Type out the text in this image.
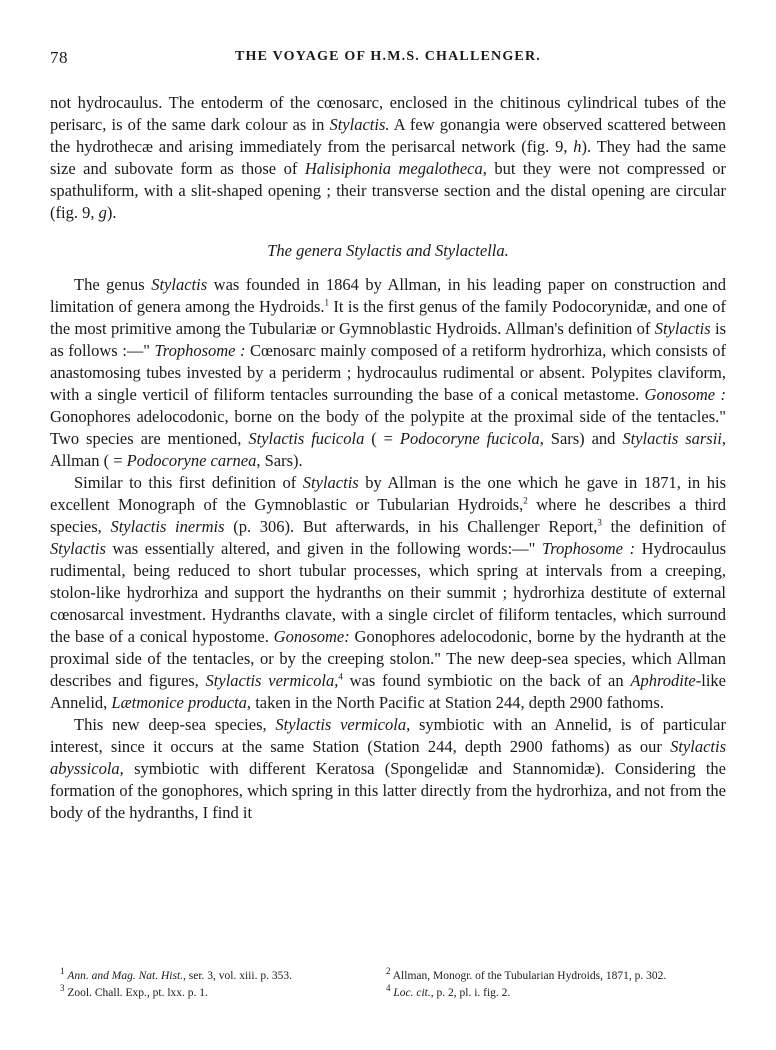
78	THE VOYAGE OF H.M.S. CHALLENGER.

not hydrocaulus. The entoderm of the cœnosarc, enclosed in the chitinous cylindrical tubes of the perisarc, is of the same dark colour as in Stylactis. A few gonangia were observed scattered between the hydrothecæ and arising immediately from the perisarcal network (fig. 9, h). They had the same size and subovate form as those of Halisiphonia megalotheca, but they were not compressed or spathuliform, with a slit-shaped opening ; their transverse section and the distal opening are circular (fig. 9, g).

The genera Stylactis and Stylactella.

The genus Stylactis was founded in 1864 by Allman, in his leading paper on construction and limitation of genera among the Hydroids.$^1$ It is the first genus of the family Podocorynidæ, and one of the most primitive among the Tubulariæ or Gymnoblastic Hydroids. Allman's definition of Stylactis is as follows :—" Trophosome : Cœnosarc mainly composed of a retiform hydrorhiza, which consists of anastomosing tubes invested by a periderm ; hydrocaulus rudimental or absent. Polypites claviform, with a single verticil of filiform tentacles surrounding the base of a conical metastome. Gonosome : Gonophores adelocodonic, borne on the body of the polypite at the proximal side of the tentacles." Two species are mentioned, Stylactis fucicola ( = Podocoryne fucicola, Sars) and Stylactis sarsii, Allman ( = Podocoryne carnea, Sars).

Similar to this first definition of Stylactis by Allman is the one which he gave in 1871, in his excellent Monograph of the Gymnoblastic or Tubularian Hydroids,$^2$ where he describes a third species, Stylactis inermis (p. 306). But afterwards, in his Challenger Report,$^3$ the definition of Stylactis was essentially altered, and given in the following words:—" Trophosome : Hydrocaulus rudimental, being reduced to short tubular processes, which spring at intervals from a creeping, stolon-like hydrorhiza and support the hydranths on their summit ; hydrorhiza destitute of external cœnosarcal investment. Hydranths clavate, with a single circlet of filiform tentacles, which surround the base of a conical hypostome. Gonosome: Gonophores adelocodonic, borne by the hydranth at the proximal side of the tentacles, or by the creeping stolon." The new deep-sea species, which Allman describes and figures, Stylactis vermicola,$^4$ was found symbiotic on the back of an Aphrodite-like Annelid, Lætmonice producta, taken in the North Pacific at Station 244, depth 2900 fathoms.

This new deep-sea species, Stylactis vermicola, symbiotic with an Annelid, is of particular interest, since it occurs at the same Station (Station 244, depth 2900 fathoms) as our Stylactis abyssicola, symbiotic with different Keratosa (Spongelidæ and Stannomidæ). Considering the formation of the gonophores, which spring in this latter directly from the hydrorhiza, and not from the body of the hydranths, I find it

$^1$ Ann. and Mag. Nat. Hist., ser. 3, vol. xiii. p. 353.	$^2$ Allman, Monogr. of the Tubularian Hydroids, 1871, p. 302.
$^3$ Zool. Chall. Exp., pt. lxx. p. 1.	$^4$ Loc. cit., p. 2, pl. i. fig. 2.
